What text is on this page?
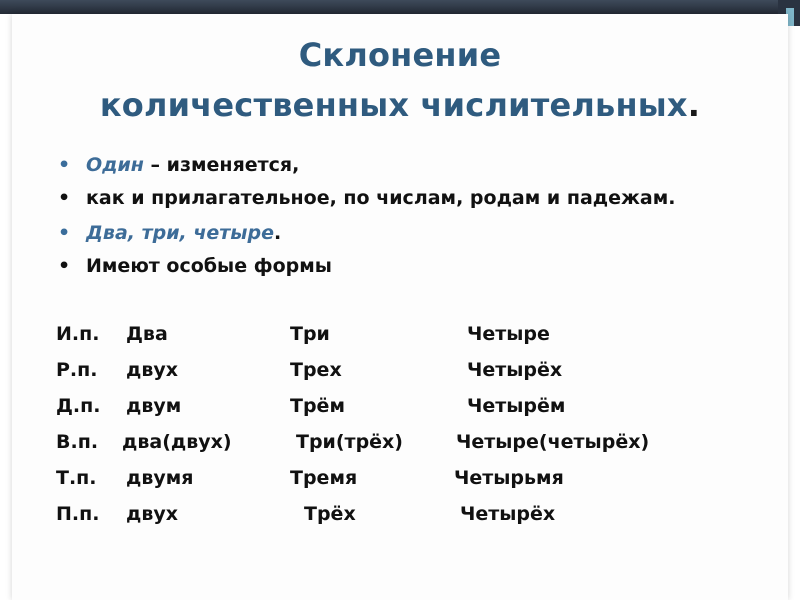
Склонение
количественных числительных.
• Один – изменяется,
• как и прилагательное, по числам, родам и падежам.
• Два, три, четыре.
• Имеют особые формы
И.п. Два	Три	Четыре
Р.п. двух	Трех	Четырёх
Д.п. двум	Трём	Четырём
В.п. два(двух)	Три(трёх)	Четыре(четырёх)
Т.п. двумя	Тремя	Четырьмя
П.п. двух	Трёх	Четырёх
